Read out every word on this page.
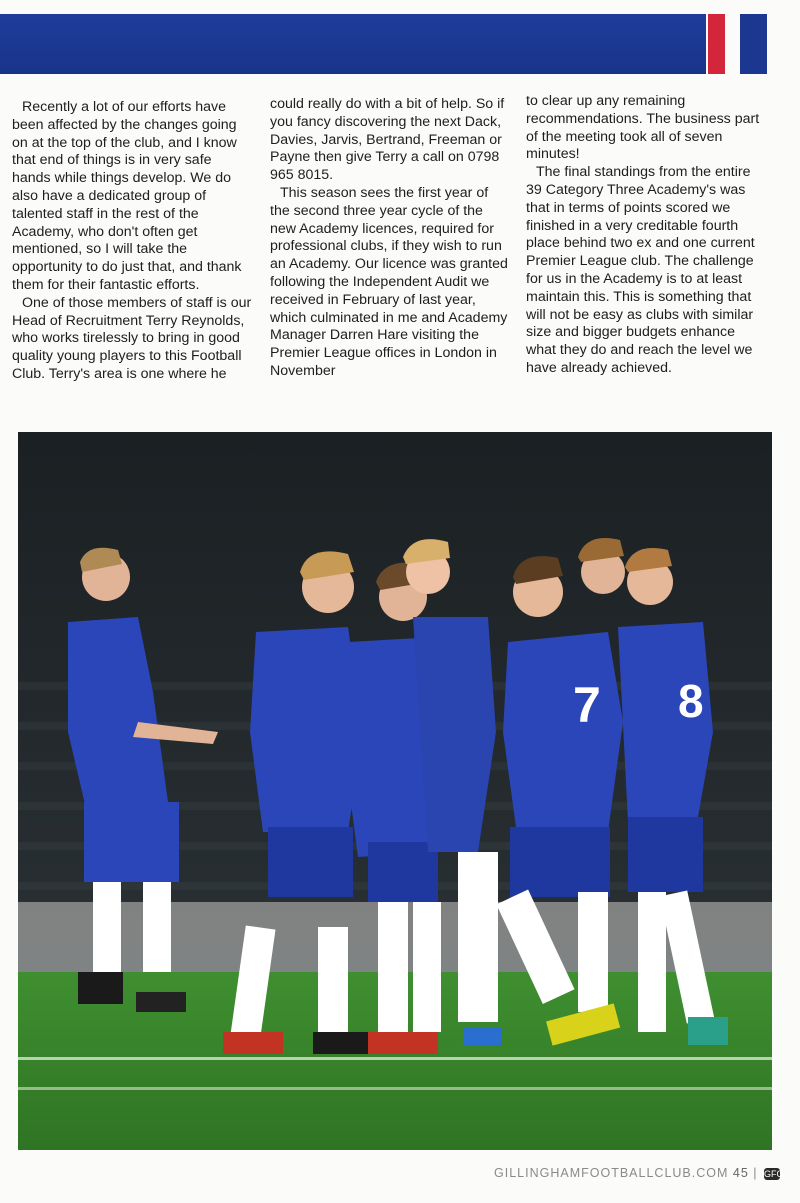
Recently a lot of our efforts have been affected by the changes going on at the top of the club, and I know that end of things is in very safe hands while things develop. We do also have a dedicated group of talented staff in the rest of the Academy, who don't often get mentioned, so I will take the opportunity to do just that, and thank them for their fantastic efforts.

One of those members of staff is our Head of Recruitment Terry Reynolds, who works tirelessly to bring in good quality young players to this Football Club. Terry's area is one where he

could really do with a bit of help. So if you fancy discovering the next Dack, Davies, Jarvis, Bertrand, Freeman or Payne then give Terry a call on 0798 965 8015.

This season sees the first year of the second three year cycle of the new Academy licences, required for professional clubs, if they wish to run an Academy. Our licence was granted following the Independent Audit we received in February of last year, which culminated in me and Academy Manager Darren Hare visiting the Premier League offices in London in November

to clear up any remaining recommendations. The business part of the meeting took all of seven minutes!

The final standings from the entire 39 Category Three Academy's was that in terms of points scored we finished in a very creditable fourth place behind two ex and one current Premier League club. The challenge for us in the Academy is to at least maintain this. This is something that will not be easy as clubs with similar size and bigger budgets enhance what they do and reach the level we have already achieved.

7 8
GILLINGHAMFOOTBALLCLUB.COM 45 | GFC
